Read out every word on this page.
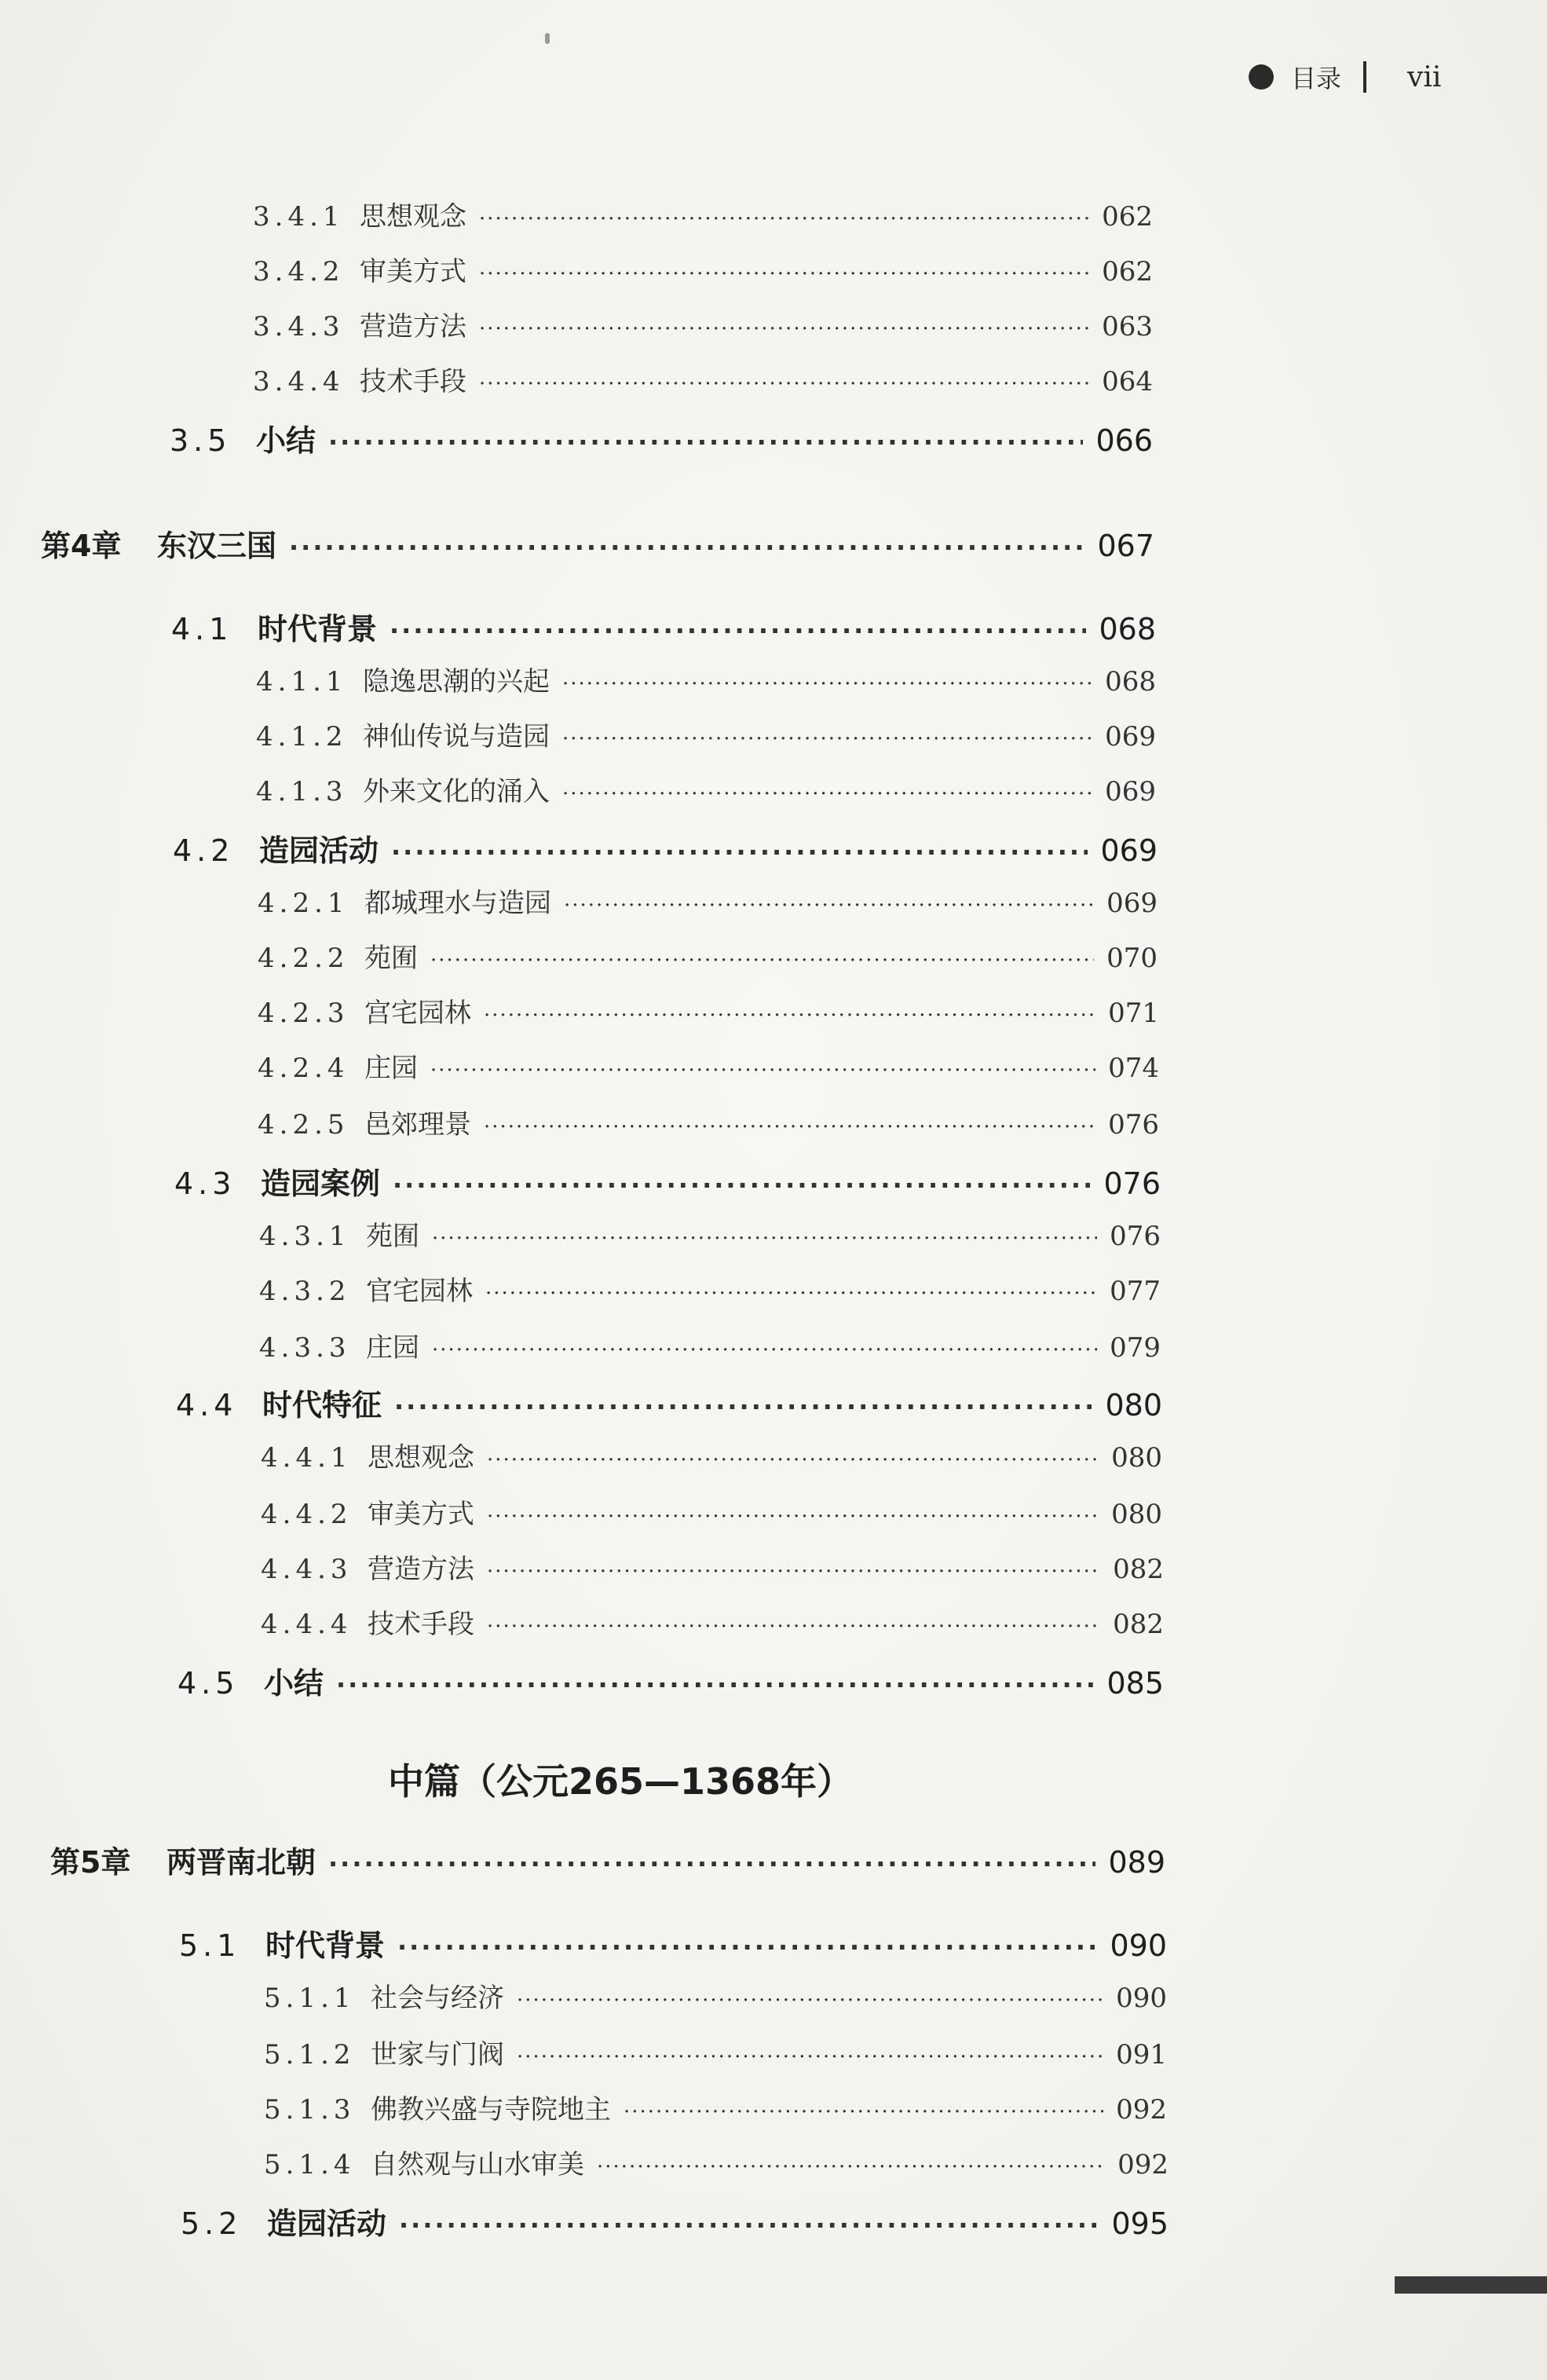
目录 vii
3.4.1 思想观念 ·····	062
3.4.2 审美方式 ·····	062
3.4.3 营造方法 ·····	063
3.4.4 技术手段 ·····	064
3.5 小结 ·····	066
第4章	东汉三国 ·····	067
4.1 时代背景 ·····	068
4.1.1 隐逸思潮的兴起 ·····	068
4.1.2 神仙传说与造园 ·····	069
4.1.3 外来文化的涌入 ·····	069
4.2 造园活动 ·····	069
4.2.1 都城理水与造园 ·····	069
4.2.2 苑囿 ·····	070
4.2.3 宫宅园林 ·····	071
4.2.4 庄园 ·····	074
4.2.5 邑郊理景 ·····	076
4.3 造园案例 ·····	076
4.3.1 苑囿 ·····	076
4.3.2 官宅园林 ·····	077
4.3.3 庄园 ·····	079
4.4 时代特征 ·····	080
4.4.1 思想观念 ·····	080
4.4.2 审美方式 ·····	080
4.4.3 营造方法 ·····	082
4.4.4 技术手段 ·····	082
4.5 小结 ·····	085
第5章	两晋南北朝 ·····	089
5.1 时代背景 ·····	090
5.1.1 社会与经济 ·····	090
5.1.2 世家与门阀 ·····	091
5.1.3 佛教兴盛与寺院地主 ·····	092
5.1.4 自然观与山水审美 ·····	092
5.2 造园活动 ·····	095
中篇（公元265—1368年）
